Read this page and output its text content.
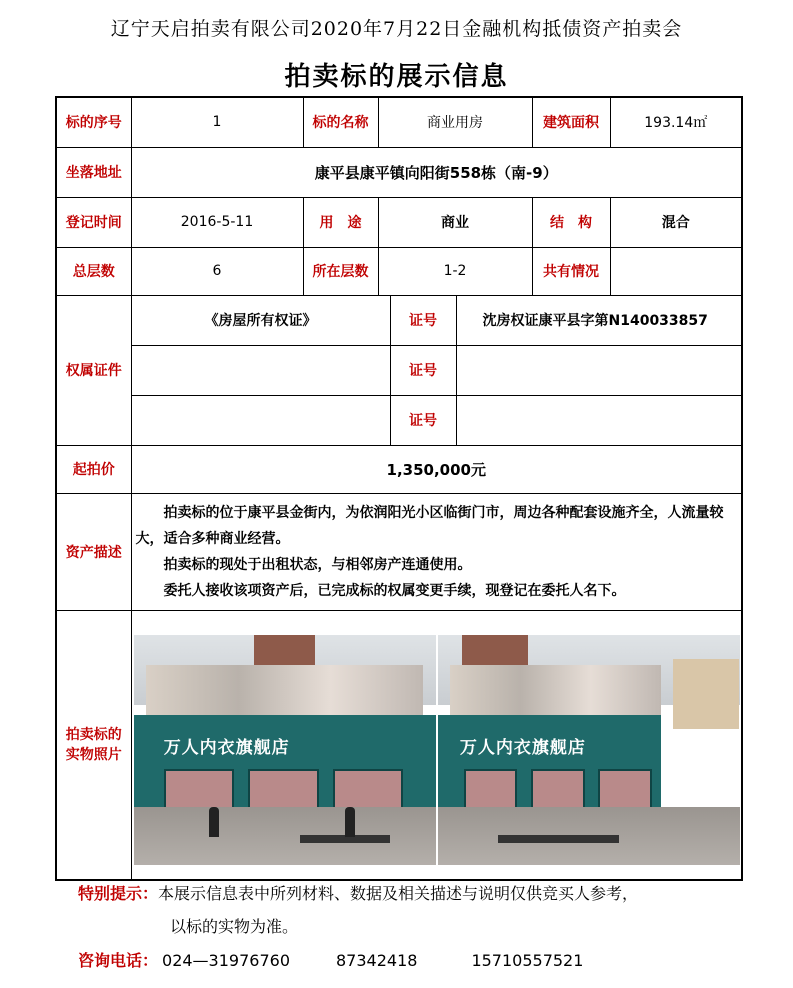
辽宁天启拍卖有限公司2020年7月22日金融机构抵债资产拍卖会
拍卖标的展示信息
标的序号	1	标的名称	商业用房			建筑面积	193.14㎡
坐落地址	康平县康平镇向阳街558栋（南-9）						
登记时间	2016-5-11	用　途	商业			结　构	混合
总层数	6	所在层数	1-2			共有情况	
权属证件	《房屋所有权证》			证号	沈房权证康平县字第N140033857		
				证号			
				证号			
起拍价	1,350,000元						
资产描述	拍卖标的位于康平县金街内，为依润阳光小区临街门市，周边各种配套设施齐全，人流量较大，适合多种商业经营。

拍卖标的现处于出租状态，与相邻房产连通使用。

委托人接收该项资产后，已完成标的权属变更手续，现登记在委托人名下。						

拍卖标的实物照片	万人内衣旗舰店 万人内衣旗舰店						
特别提示：本展示信息表中所列材料、数据及相关描述与说明仅供竞买人参考，
以标的实物为准。
咨询电话： 024—31976760	87342418	15710557521
